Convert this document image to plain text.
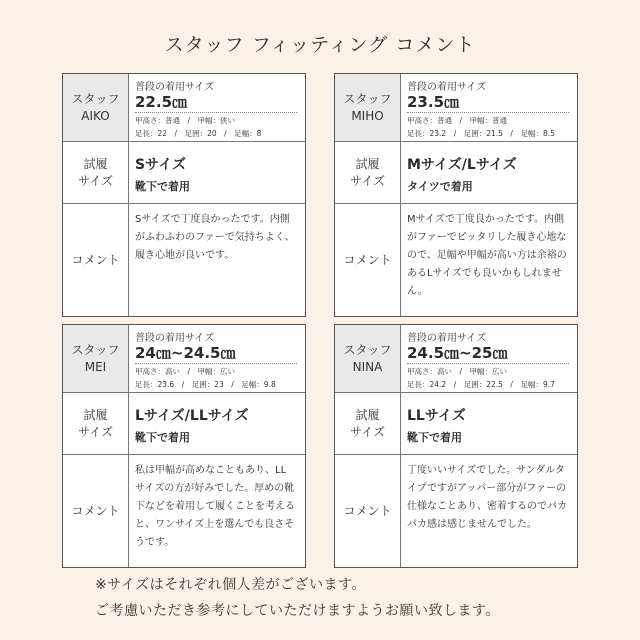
スタッフ フィッティング コメント
スタッフ
AIKO
普段の着用サイズ
22.5㎝
甲高さ：普通　/　甲幅：狭い
足長：22　/　足囲：20　/　足幅：8
試履
サイズ
Sサイズ
靴下で着用
コメント
Sサイズで丁度良かったです。内側がふわふわのファーで気持ちよく、履き心地が良いです。
スタッフ
MIHO
普段の着用サイズ
23.5㎝
甲高さ：普通　/　甲幅：普通
足長：23.2　/　足囲：21.5　/　足幅：8.5
試履
サイズ
Mサイズ/Lサイズ
タイツで着用
コメント
Mサイズで丁度良かったです。内側がファーでピッタリした履き心地なので、足幅や甲幅が高い方は余裕のあるLサイズでも良いかもしれません。
スタッフ
MEI
普段の着用サイズ
24㎝~24.5㎝
甲高さ：高い　/　甲幅：広い
足長：23.6　/　足囲：23　/　足幅：9.8
試履
サイズ
Lサイズ/LLサイズ
靴下で着用
コメント
私は甲幅が高めなこともあり、LLサイズの方が好みでした。厚めの靴下などを着用して履くことを考えると、ワンサイズ上を選んでも良さそうです。
スタッフ
NINA
普段の着用サイズ
24.5㎝~25㎝
甲高さ：高い　/　甲幅：広い
足長：24.2　/　足囲：22.5　/　足幅：9.7
試履
サイズ
LLサイズ
靴下で着用
コメント
丁度いいサイズでした。サンダルタイプですがアッパー部分がファーの仕様なことあり、密着するのでパカパカ感は感じませんでした。
※サイズはそれぞれ個人差がございます。
ご考慮いただき参考にしていただけますようお願い致します。
